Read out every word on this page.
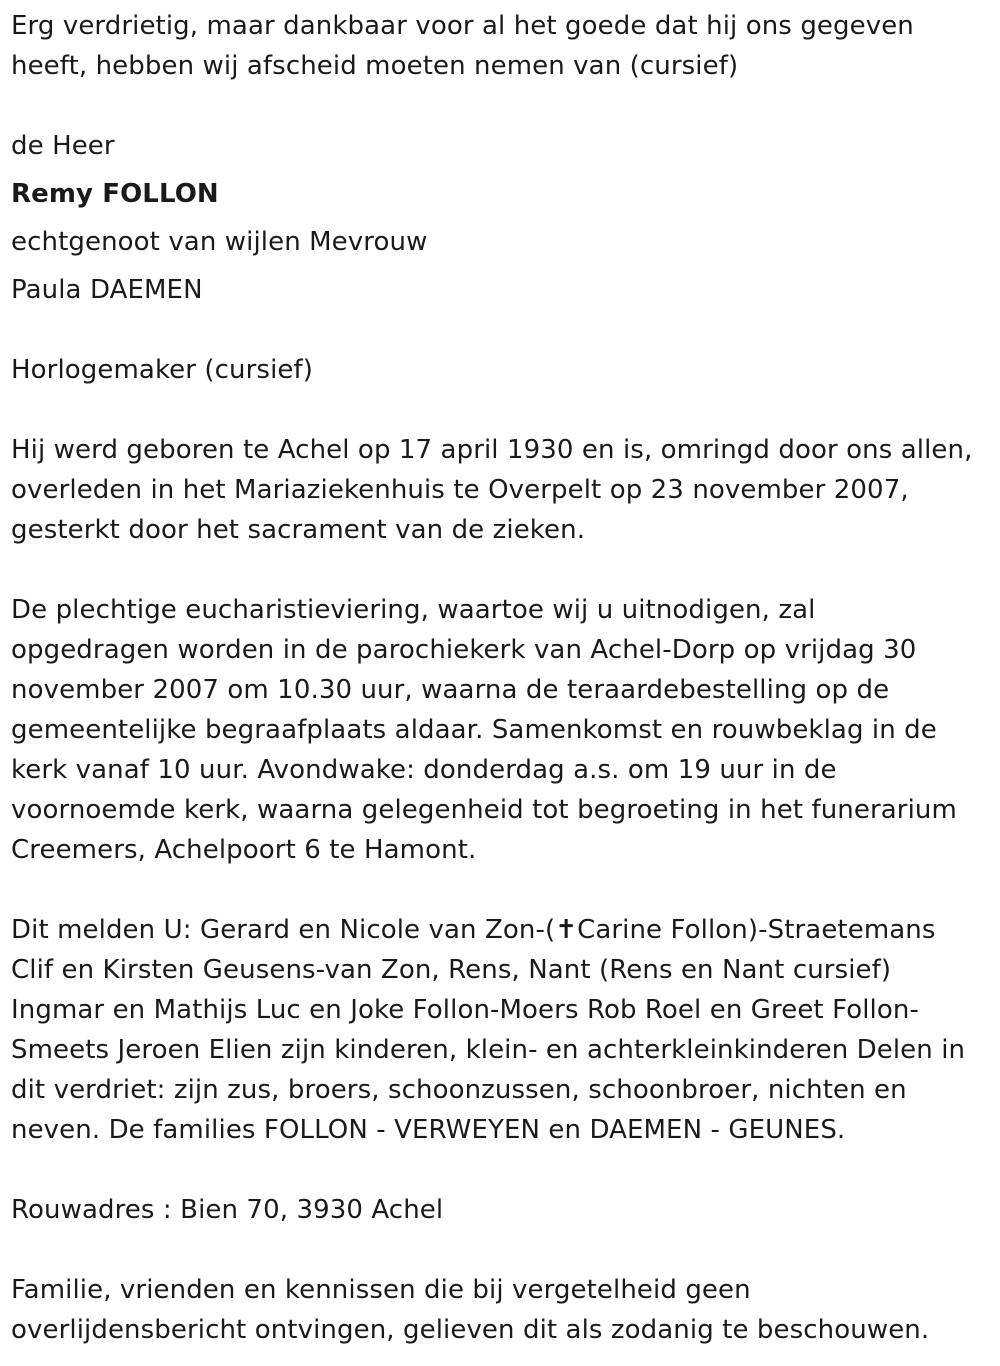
Erg verdrietig, maar dankbaar voor al het goede dat hij ons gegeven
heeft, hebben wij afscheid moeten nemen van (cursief)

de Heer

Remy FOLLON

echtgenoot van wijlen Mevrouw

Paula DAEMEN

Horlogemaker (cursief)

Hij werd geboren te Achel op 17 april 1930 en is, omringd door ons allen,
overleden in het Mariaziekenhuis te Overpelt op 23 november 2007,
gesterkt door het sacrament van de zieken.

De plechtige eucharistieviering, waartoe wij u uitnodigen, zal
opgedragen worden in de parochiekerk van Achel-Dorp op vrijdag 30
november 2007 om 10.30 uur, waarna de teraardebestelling op de
gemeentelijke begraafplaats aldaar. Samenkomst en rouwbeklag in de
kerk vanaf 10 uur. Avondwake: donderdag a.s. om 19 uur in de
voornoemde kerk, waarna gelegenheid tot begroeting in het funerarium
Creemers, Achelpoort 6 te Hamont.

Dit melden U: Gerard en Nicole van Zon-(✝Carine Follon)-Straetemans
Clif en Kirsten Geusens-van Zon, Rens, Nant (Rens en Nant cursief)
Ingmar en Mathijs Luc en Joke Follon-Moers Rob Roel en Greet Follon-
Smeets Jeroen Elien zijn kinderen, klein- en achterkleinkinderen Delen in
dit verdriet: zijn zus, broers, schoonzussen, schoonbroer, nichten en
neven. De families FOLLON - VERWEYEN en DAEMEN - GEUNES.

Rouwadres : Bien 70, 3930 Achel

Familie, vrienden en kennissen die bij vergetelheid geen
overlijdensbericht ontvingen, gelieven dit als zodanig te beschouwen.
